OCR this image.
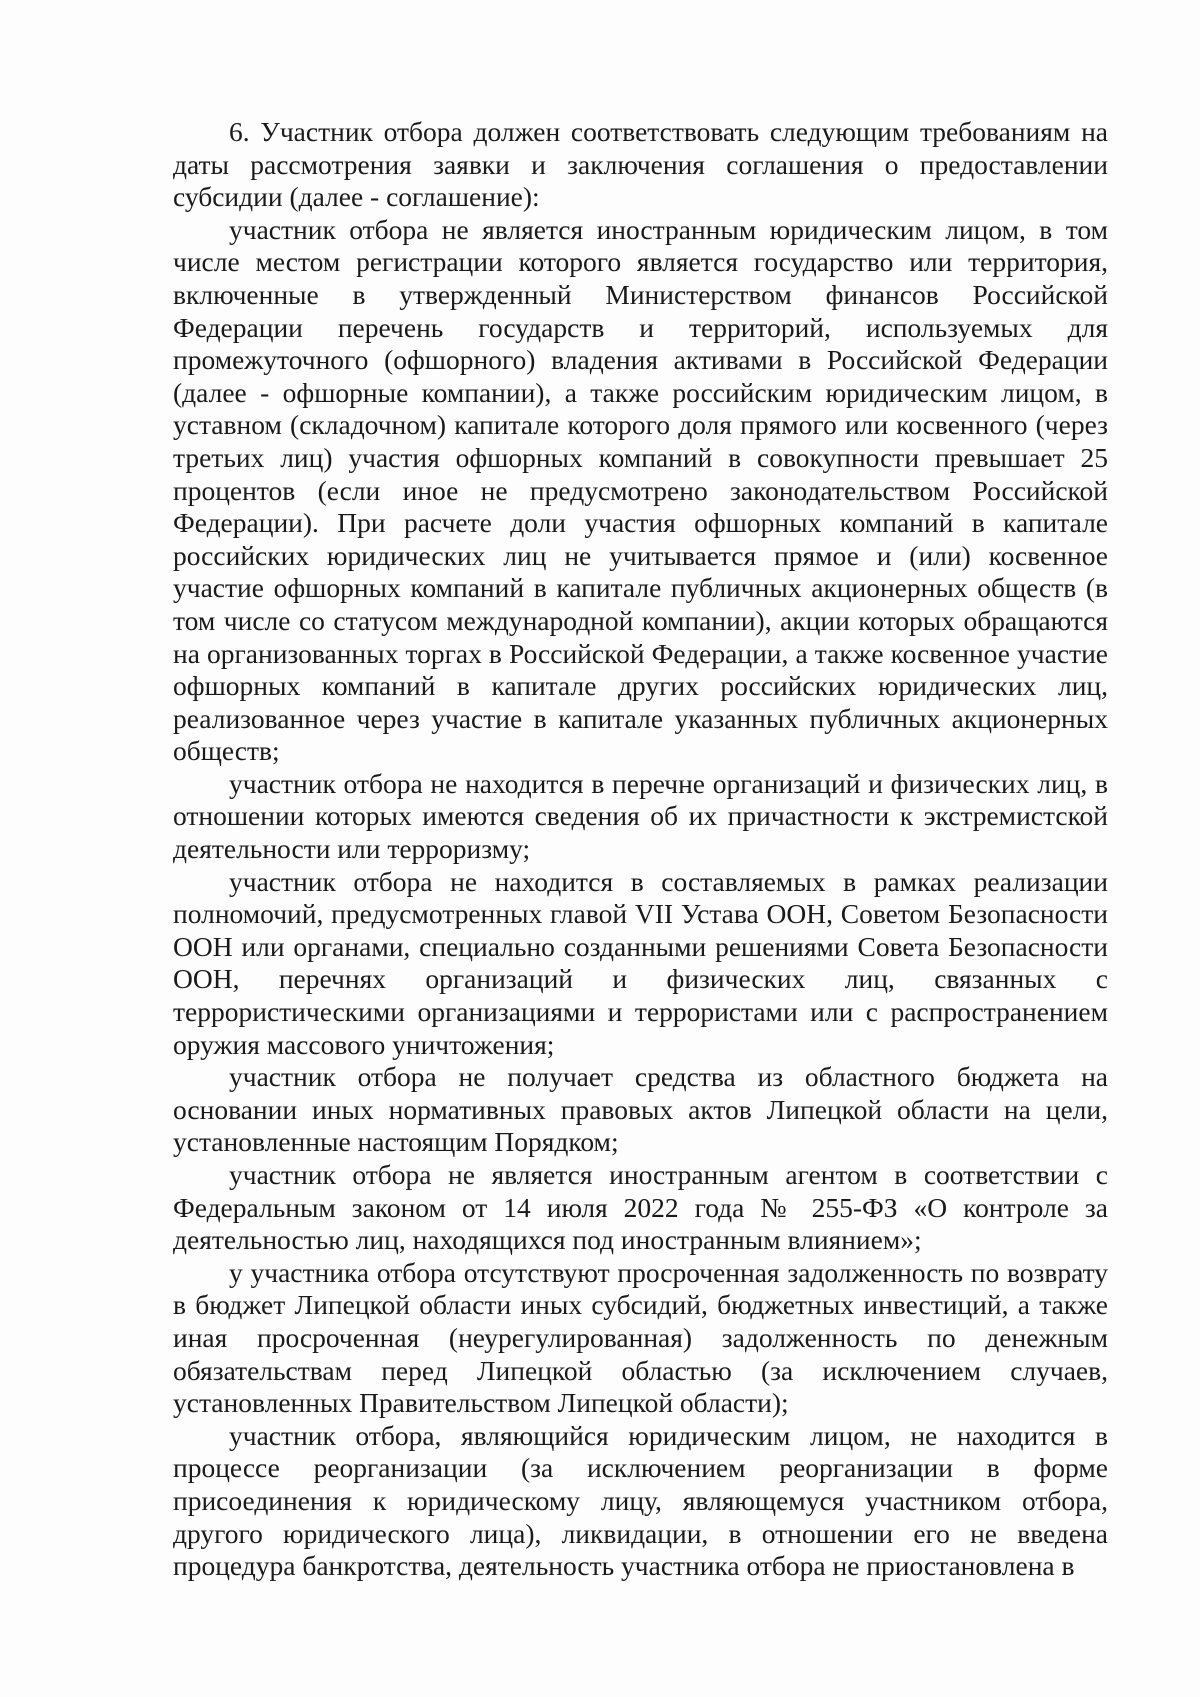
6. Участник отбора должен соответствовать следующим требованиям на даты рассмотрения заявки и заключения соглашения о предоставлении субсидии (далее - соглашение):

участник отбора не является иностранным юридическим лицом, в том числе местом регистрации которого является государство или территория, включенные в утвержденный Министерством финансов Российской Федерации перечень государств и территорий, используемых для промежуточного (офшорного) владения активами в Российской Федерации (далее - офшорные компании), а также российским юридическим лицом, в уставном (складочном) капитале которого доля прямого или косвенного (через третьих лиц) участия офшорных компаний в совокупности превышает 25 процентов (если иное не предусмотрено законодательством Российской Федерации). При расчете доли участия офшорных компаний в капитале российских юридических лиц не учитывается прямое и (или) косвенное участие офшорных компаний в капитале публичных акционерных обществ (в том числе со статусом международной компании), акции которых обращаются на организованных торгах в Российской Федерации, а также косвенное участие офшорных компаний в капитале других российских юридических лиц, реализованное через участие в капитале указанных публичных акционерных обществ;

участник отбора не находится в перечне организаций и физических лиц, в отношении которых имеются сведения об их причастности к экстремистской деятельности или терроризму;

участник отбора не находится в составляемых в рамках реализации полномочий, предусмотренных главой VII Устава ООН, Советом Безопасности ООН или органами, специально созданными решениями Совета Безопасности ООН, перечнях организаций и физических лиц, связанных с террористическими организациями и террористами или с распространением оружия массового уничтожения;

участник отбора не получает средства из областного бюджета на основании иных нормативных правовых актов Липецкой области на цели, установленные настоящим Порядком;

участник отбора не является иностранным агентом в соответствии с Федеральным законом от 14 июля 2022 года № 255-ФЗ «О контроле за деятельностью лиц, находящихся под иностранным влиянием»;

у участника отбора отсутствуют просроченная задолженность по возврату в бюджет Липецкой области иных субсидий, бюджетных инвестиций, а также иная просроченная (неурегулированная) задолженность по денежным обязательствам перед Липецкой областью (за исключением случаев, установленных Правительством Липецкой области);

участник отбора, являющийся юридическим лицом, не находится в процессе реорганизации (за исключением реорганизации в форме присоединения к юридическому лицу, являющемуся участником отбора, другого юридического лица), ликвидации, в отношении его не введена процедура банкротства, деятельность участника отбора не приостановлена в
